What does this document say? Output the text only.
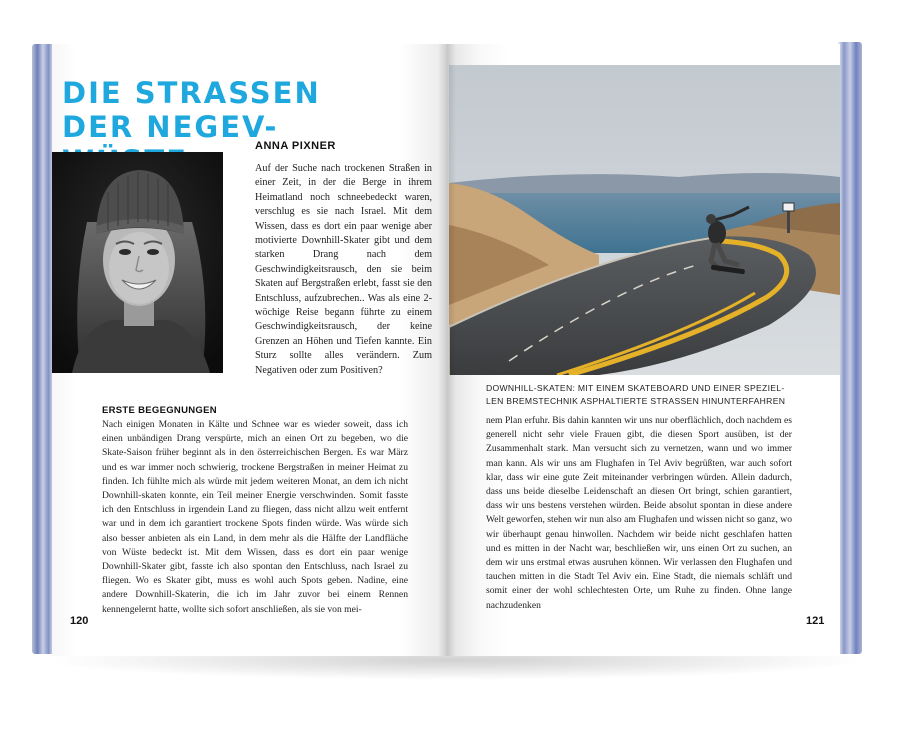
DIE STRASSEN
DER NEGEV-
ANNA PIXNER

Auf der Suche nach trockenen Straßen in einer Zeit, in der die Berge in ihrem Heimatland noch schneebedeckt waren, verschlug es sie nach Israel. Mit dem Wissen, dass es dort ein paar wenige aber motivierte Downhill-Skater gibt und dem starken Drang nach dem Geschwindigkeitsrausch, den sie beim Skaten auf Bergstraßen erlebt, fasst sie den Entschluss, aufzubrechen.. Was als eine 2-wöchige Reise begann führte zu einem Geschwindigkeitsrausch, der keine Grenzen an Höhen und Tiefen kannte. Ein Sturz sollte alles verändern. Zum Negativen oder zum Positiven?

ERSTE BEGEGNUNGEN

Nach einigen Monaten in Kälte und Schnee war es wieder soweit, dass ich einen unbändigen Drang verspürte, mich an einen Ort zu begeben, wo die Skate-Saison früher beginnt als in den österreichischen Bergen. Es war März und es war immer noch schwierig, trockene Bergstraßen in meiner Heimat zu finden. Ich fühlte mich als würde mit jedem weiteren Monat, an dem ich nicht Downhill-skaten konnte, ein Teil meiner Energie verschwinden. Somit fasste ich den Entschluss in irgendein Land zu fliegen, dass nicht allzu weit entfernt war und in dem ich garantiert trockene Spots finden würde. Was würde sich also besser anbieten als ein Land, in dem mehr als die Hälfte der Landfläche von Wüste bedeckt ist. Mit dem Wissen, dass es dort ein paar wenige Downhill-Skater gibt, fasste ich also spontan den Entschluss, nach Israel zu fliegen. Wo es Skater gibt, muss es wohl auch Spots geben. Nadine, eine andere Downhill-Skaterin, die ich im Jahr zuvor bei einem Rennen kennengelernt hatte, wollte sich sofort anschließen, als sie von mei-

120
DOWNHILL-SKATEN: MIT EINEM SKATEBOARD UND EINER SPEZIEL-
LEN BREMSTECHNIK ASPHALTIERTE STRASSEN HINUNTERFAHREN

nem Plan erfuhr. Bis dahin kannten wir uns nur oberflächlich, doch nachdem es generell nicht sehr viele Frauen gibt, die diesen Sport ausüben, ist der Zusammenhalt stark. Man versucht sich zu vernetzen, wann und wo immer man kann. Als wir uns am Flughafen in Tel Aviv begrüßten, war auch sofort klar, dass wir eine gute Zeit miteinander verbringen würden. Allein dadurch, dass uns beide dieselbe Leidenschaft an diesen Ort bringt, schien garantiert, dass wir uns bestens verstehen würden. Beide absolut spontan in diese andere Welt geworfen, stehen wir nun also am Flughafen und wissen nicht so ganz, wo wir überhaupt genau hinwollen. Nachdem wir beide nicht geschlafen hatten und es mitten in der Nacht war, beschließen wir, uns einen Ort zu suchen, an dem wir uns erstmal etwas ausruhen können. Wir verlassen den Flughafen und tauchen mitten in die Stadt Tel Aviv ein. Eine Stadt, die niemals schläft und somit einer der wohl schlechtesten Orte, um Ruhe zu finden. Ohne lange nachzudenken

121
